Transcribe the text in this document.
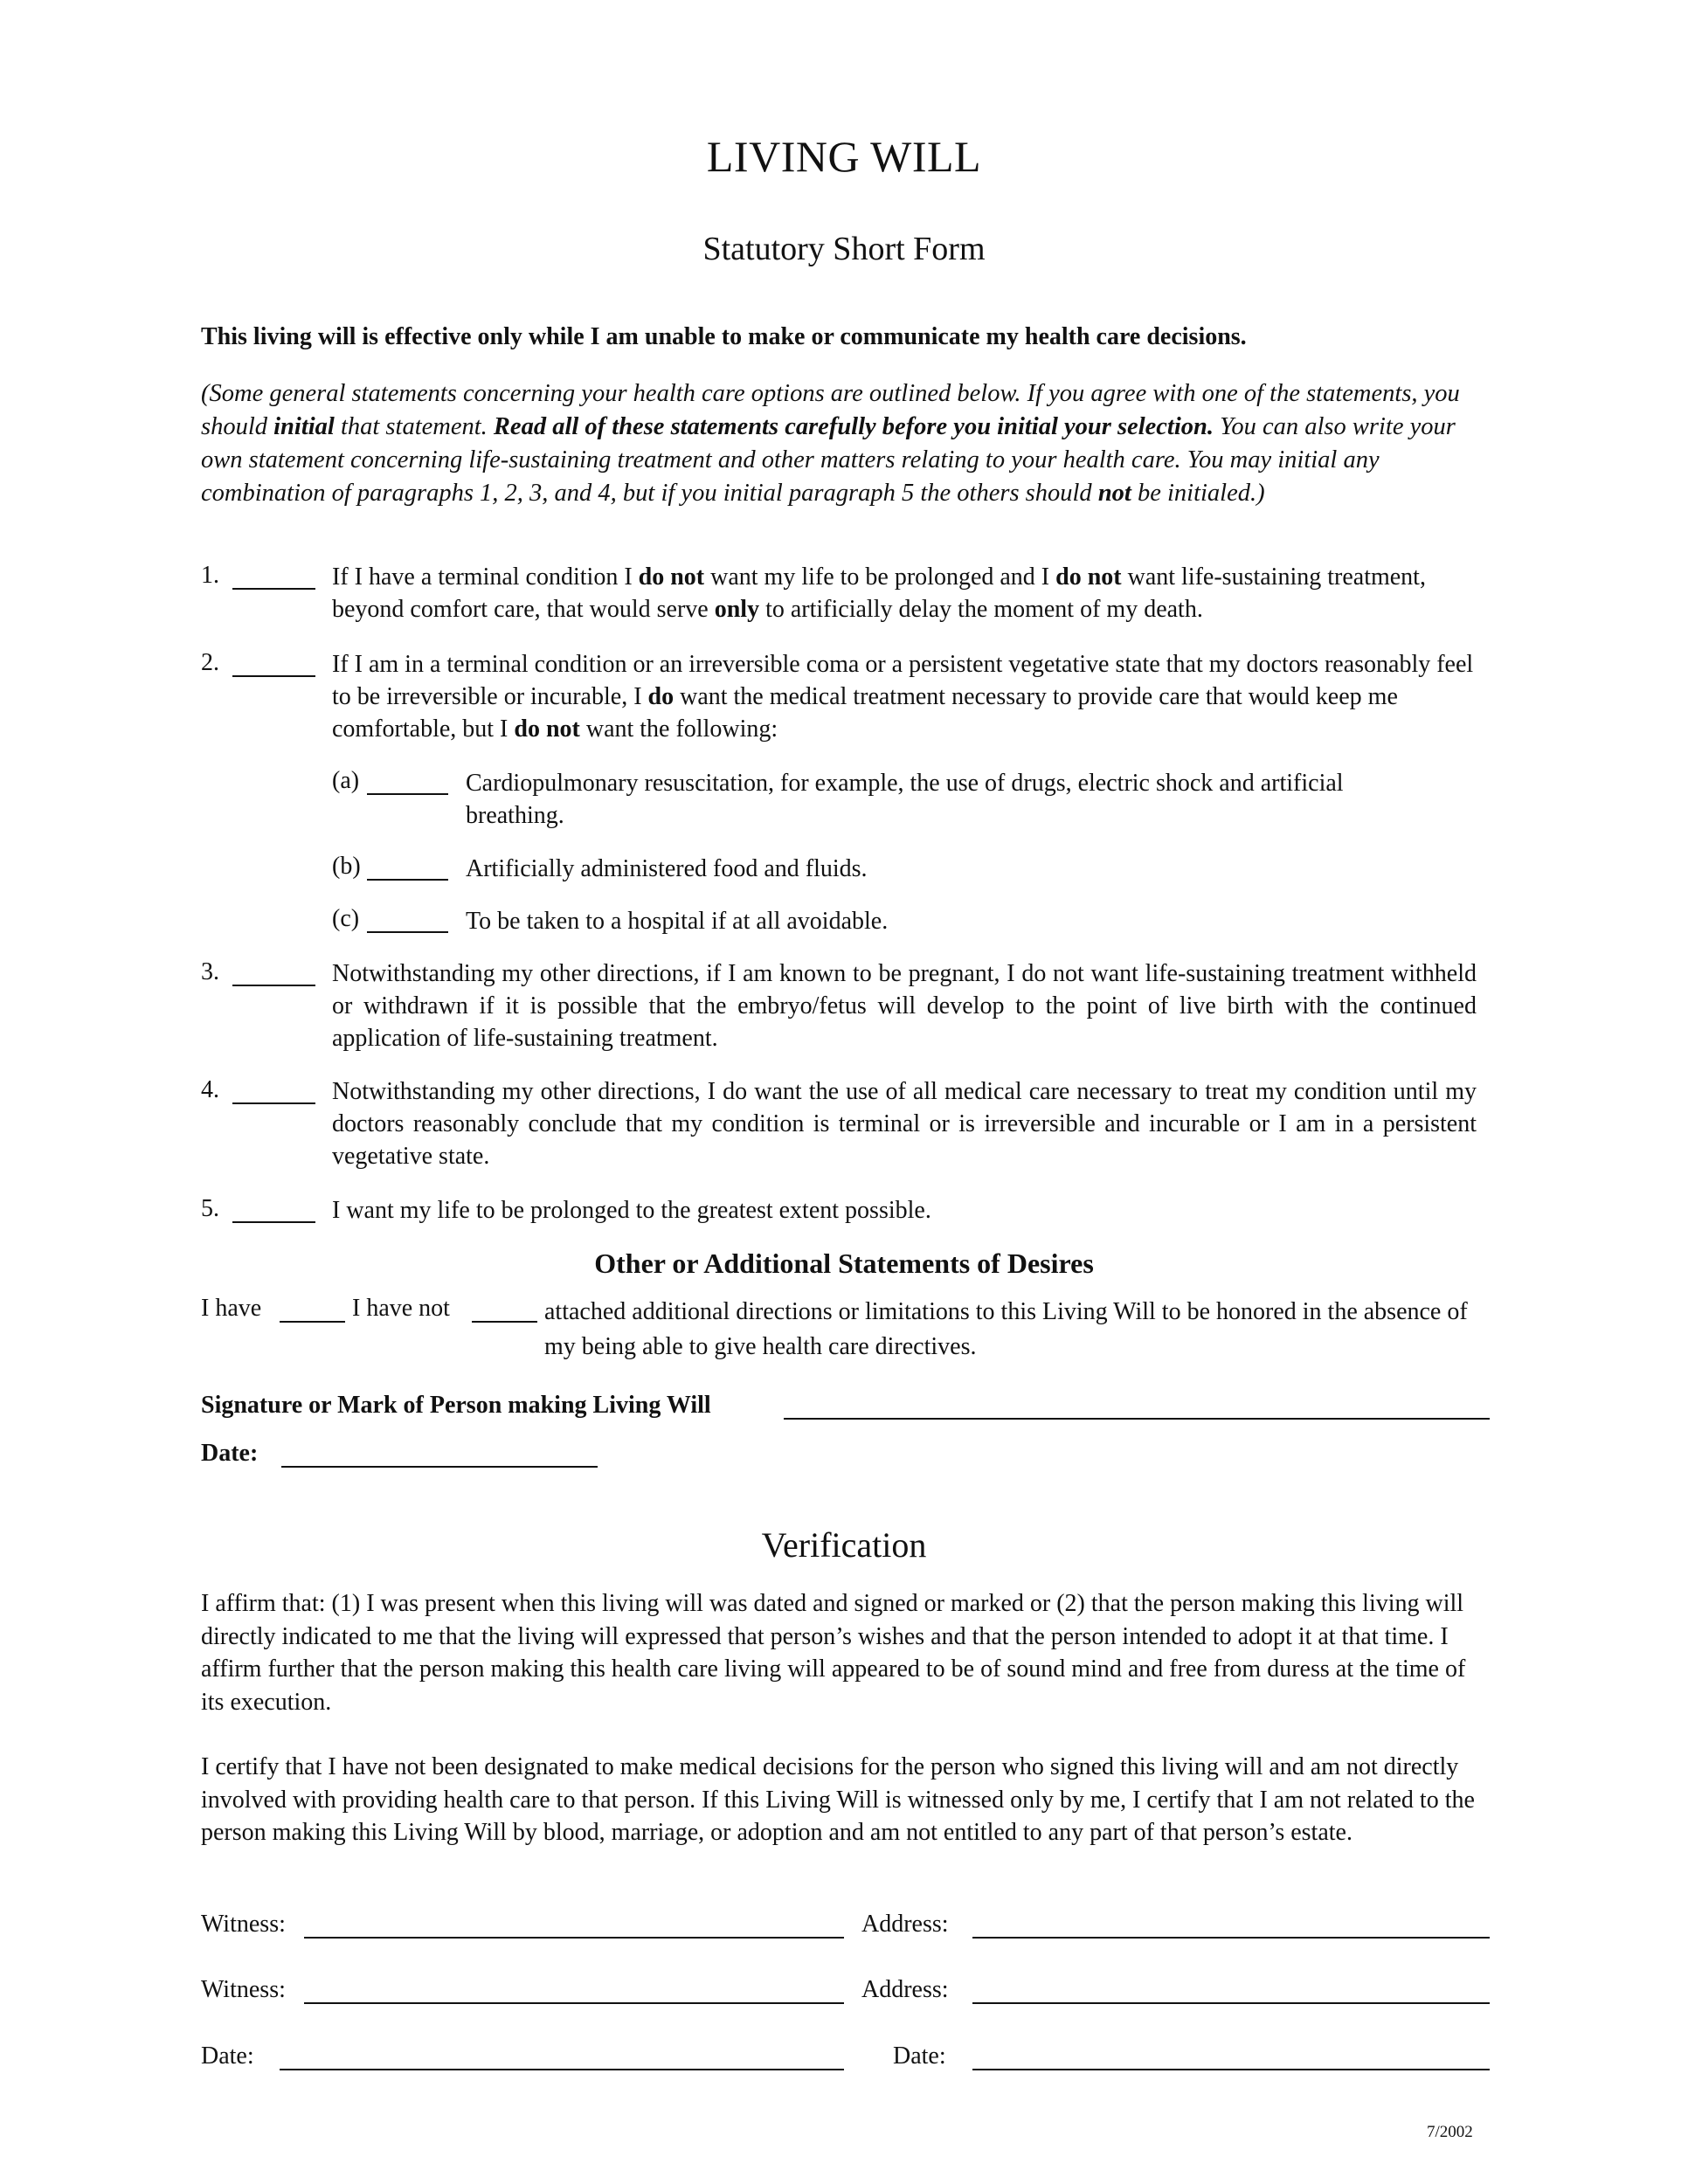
LIVING WILL
Statutory Short Form
This living will is effective only while I am unable to make or communicate my health care decisions.
(Some general statements concerning your health care options are outlined below. If you agree with one of the statements, you should initial that statement. Read all of these statements carefully before you initial your selection. You can also write your own statement concerning life-sustaining treatment and other matters relating to your health care. You may initial any combination of paragraphs 1, 2, 3, and 4, but if you initial paragraph 5 the others should not be initialed.)
1.	If I have a terminal condition I do not want my life to be prolonged and I do not want life-sustaining treatment, beyond comfort care, that would serve only to artificially delay the moment of my death.
2.	If I am in a terminal condition or an irreversible coma or a persistent vegetative state that my doctors reasonably feel to be irreversible or incurable, I do want the medical treatment necessary to provide care that would keep me comfortable, but I do not want the following:
(a)	Cardiopulmonary resuscitation, for example, the use of drugs, electric shock and artificial breathing.
(b)	Artificially administered food and fluids.
(c)	To be taken to a hospital if at all avoidable.
3.	Notwithstanding my other directions, if I am known to be pregnant, I do not want life-sustaining treatment withheld or withdrawn if it is possible that the embryo/fetus will develop to the point of live birth with the continued application of life-sustaining treatment.
4.	Notwithstanding my other directions, I do want the use of all medical care necessary to treat my condition until my doctors reasonably conclude that my condition is terminal or is irreversible and incurable or I am in a persistent vegetative state.
5.	I want my life to be prolonged to the greatest extent possible.
Other or Additional Statements of Desires
I have	I have not	attached additional directions or limitations to this Living Will to be honored in the absence of my being able to give health care directives.
Signature or Mark of Person making Living Will
Date:
Verification
I affirm that: (1) I was present when this living will was dated and signed or marked or (2) that the person making this living will directly indicated to me that the living will expressed that person’s wishes and that the person intended to adopt it at that time. I affirm further that the person making this health care living will appeared to be of sound mind and free from duress at the time of its execution.
I certify that I have not been designated to make medical decisions for the person who signed this living will and am not directly involved with providing health care to that person. If this Living Will is witnessed only by me, I certify that I am not related to the person making this Living Will by blood, marriage, or adoption and am not entitled to any part of that person’s estate.
Witness:	Address:
Witness:	Address:
Date:	Date:
7/2002
